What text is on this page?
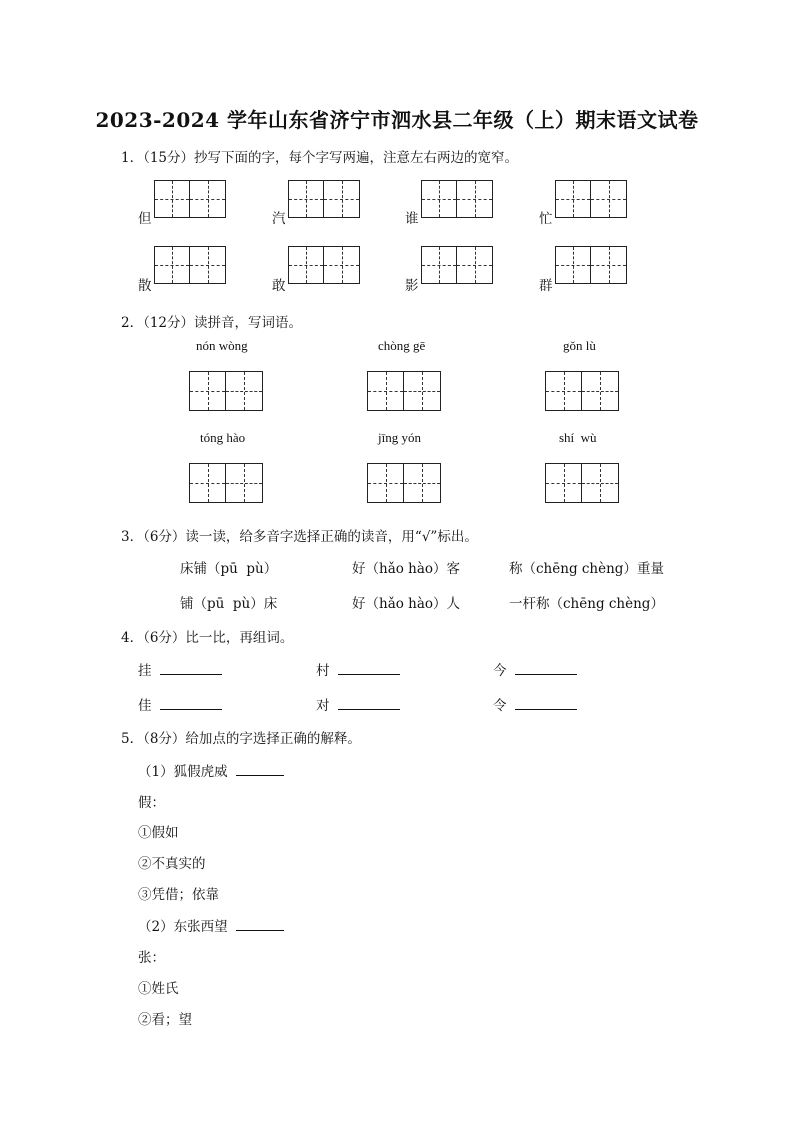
2023-2024 学年山东省济宁市泗水县二年级（上）期末语文试卷
1．（15分）抄写下面的字，每个字写两遍，注意左右两边的宽窄。
但	汽	谁	忙
散	敢	影	群
2．（12分）读拼音，写词语。
nón wòng	chòng gē	gǒn lù
tóng hào	jīng yón	shí  wù
3．（6分）读一读，给多音字选择正确的读音，用“√”标出。
床铺（pū  pù）	好（hǎo hào）客	称（chēng chèng）重量
铺（pū  pù）床	好（hǎo hào）人	一杆称（chēng chèng）
4．（6分）比一比，再组词。
挂	村	今
佳	对	令
5．（8分）给加点的字选择正确的解释。
（1）狐假虎威
假：
①假如
②不真实的
③凭借；依靠
（2）东张西望
张：
①姓氏
②看；望
